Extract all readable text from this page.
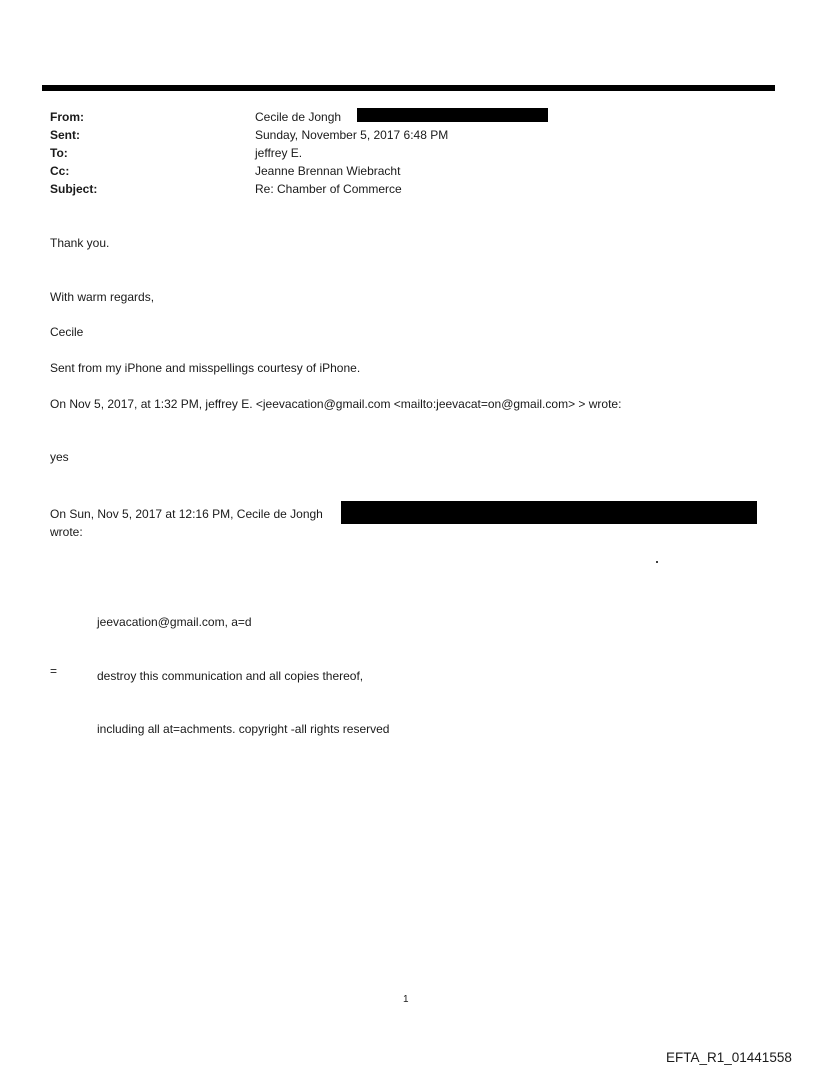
From:	Cecile de Jongh
Sent:	Sunday, November 5, 2017 6:48 PM
To:	jeffrey E.
Cc:	Jeanne Brennan Wiebracht
Subject:	Re: Chamber of Commerce
Thank you.
With warm regards,
Cecile
Sent from my iPhone and misspellings courtesy of iPhone.
On Nov 5, 2017, at 1:32 PM, jeffrey E. <jeevacation@gmail.com <mailto:jeevacat=on@gmail.com> > wrote:
yes
On Sun, Nov 5, 2017 at 12:16 PM, Cecile de Jongh
wrote:

jeevacation@gmail.com, a=d

destroy this communication and all copies thereof,

including all at=achments. copyright -all rights reserved

=
1
EFTA_R1_01441558
